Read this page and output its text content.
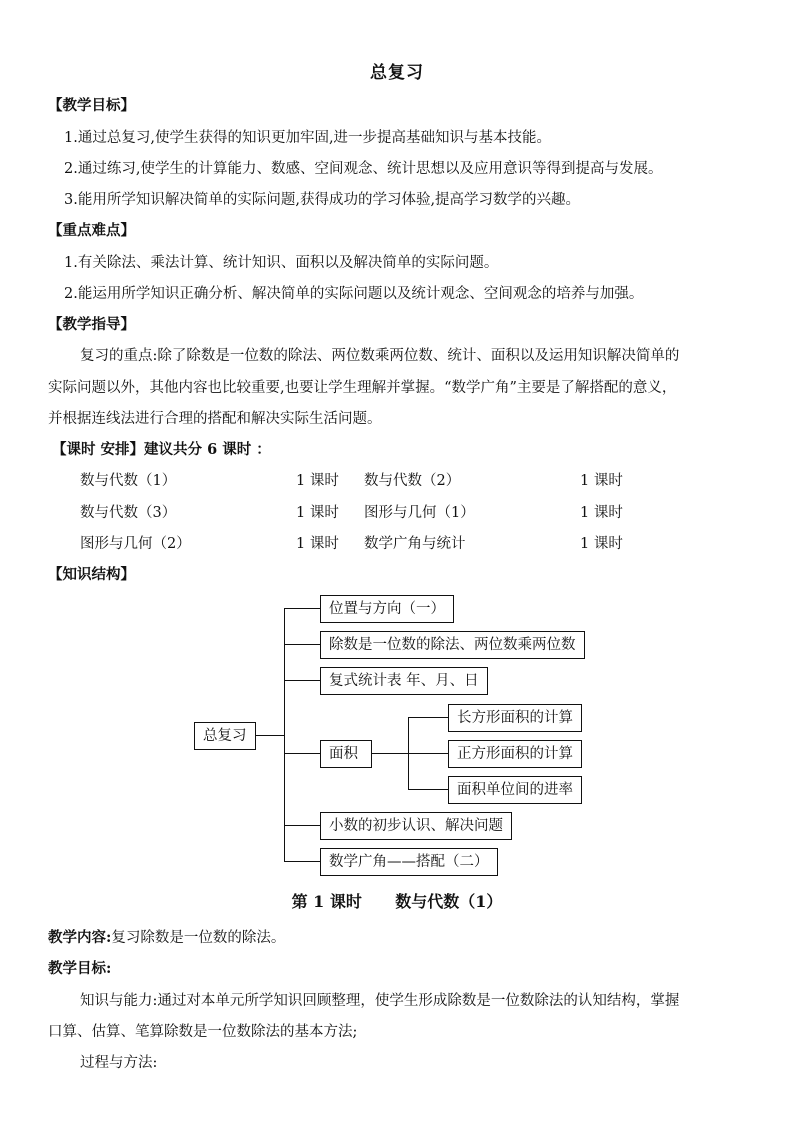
总复习
【教学目标】
1.通过总复习,使学生获得的知识更加牢固,进一步提高基础知识与基本技能。
2.通过练习,使学生的计算能力、数感、空间观念、统计思想以及应用意识等得到提高与发展。
3.能用所学知识解决简单的实际问题,获得成功的学习体验,提高学习数学的兴趣。
【重点难点】
1.有关除法、乘法计算、统计知识、面积以及解决简单的实际问题。
2.能运用所学知识正确分析、解决简单的实际问题以及统计观念、空间观念的培养与加强。
【教学指导】
复习的重点:除了除数是一位数的除法、两位数乘两位数、统计、面积以及运用知识解决简单的
实际问题以外，其他内容也比较重要,也要让学生理解并掌握。“数学广角”主要是了解搭配的意义，
并根据连线法进行合理的搭配和解决实际生活问题。
【课时 安排】建议共分 6 课时 ：
数与代数（1）	1 课时 数与代数（2）	1 课时
数与代数（3）	1 课时 图形与几何（1）	1 课时
图形与几何（2）	1 课时 数学广角与统计	1 课时
【知识结构】
总复习
位置与方向（一）
除数是一位数的除法、两位数乘两位数
复式统计表 年、月、日
面积
小数的初步认识、解决问题
数学广角——搭配（二）
长方形面积的计算
正方形面积的计算
面积单位间的进率
第 1 课时      数与代数（1）
教学内容:复习除数是一位数的除法。
教学目标:
知识与能力:通过对本单元所学知识回顾整理，使学生形成除数是一位数除法的认知结构，掌握
口算、估算、笔算除数是一位数除法的基本方法;
过程与方法:
